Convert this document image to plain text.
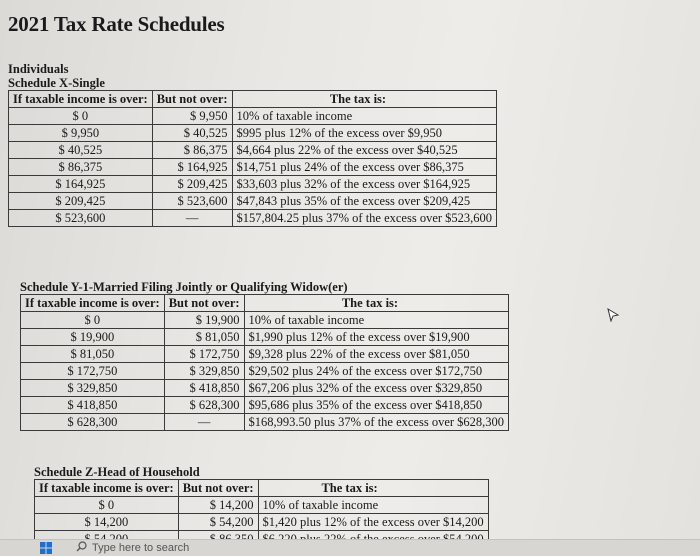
2021 Tax Rate Schedules
Individuals
Schedule X-Single
If taxable income is over:	But not over:	The tax is:
$ 0	$ 9,950	10% of taxable income
$ 9,950	$ 40,525	$995 plus 12% of the excess over $9,950
$ 40,525	$ 86,375	$4,664 plus 22% of the excess over $40,525
$ 86,375	$ 164,925	$14,751 plus 24% of the excess over $86,375
$ 164,925	$ 209,425	$33,603 plus 32% of the excess over $164,925
$ 209,425	$ 523,600	$47,843 plus 35% of the excess over $209,425
$ 523,600	—	$157,804.25 plus 37% of the excess over $523,600
Schedule Y-1-Married Filing Jointly or Qualifying Widow(er)
If taxable income is over:	But not over:	The tax is:
$ 0	$ 19,900	10% of taxable income
$ 19,900	$ 81,050	$1,990 plus 12% of the excess over $19,900
$ 81,050	$ 172,750	$9,328 plus 22% of the excess over $81,050
$ 172,750	$ 329,850	$29,502 plus 24% of the excess over $172,750
$ 329,850	$ 418,850	$67,206 plus 32% of the excess over $329,850
$ 418,850	$ 628,300	$95,686 plus 35% of the excess over $418,850
$ 628,300	—	$168,993.50 plus 37% of the excess over $628,300
Schedule Z-Head of Household
If taxable income is over:	But not over:	The tax is:
$ 0	$ 14,200	10% of taxable income
$ 14,200	$ 54,200	$1,420 plus 12% of the excess over $14,200

Type here to search
